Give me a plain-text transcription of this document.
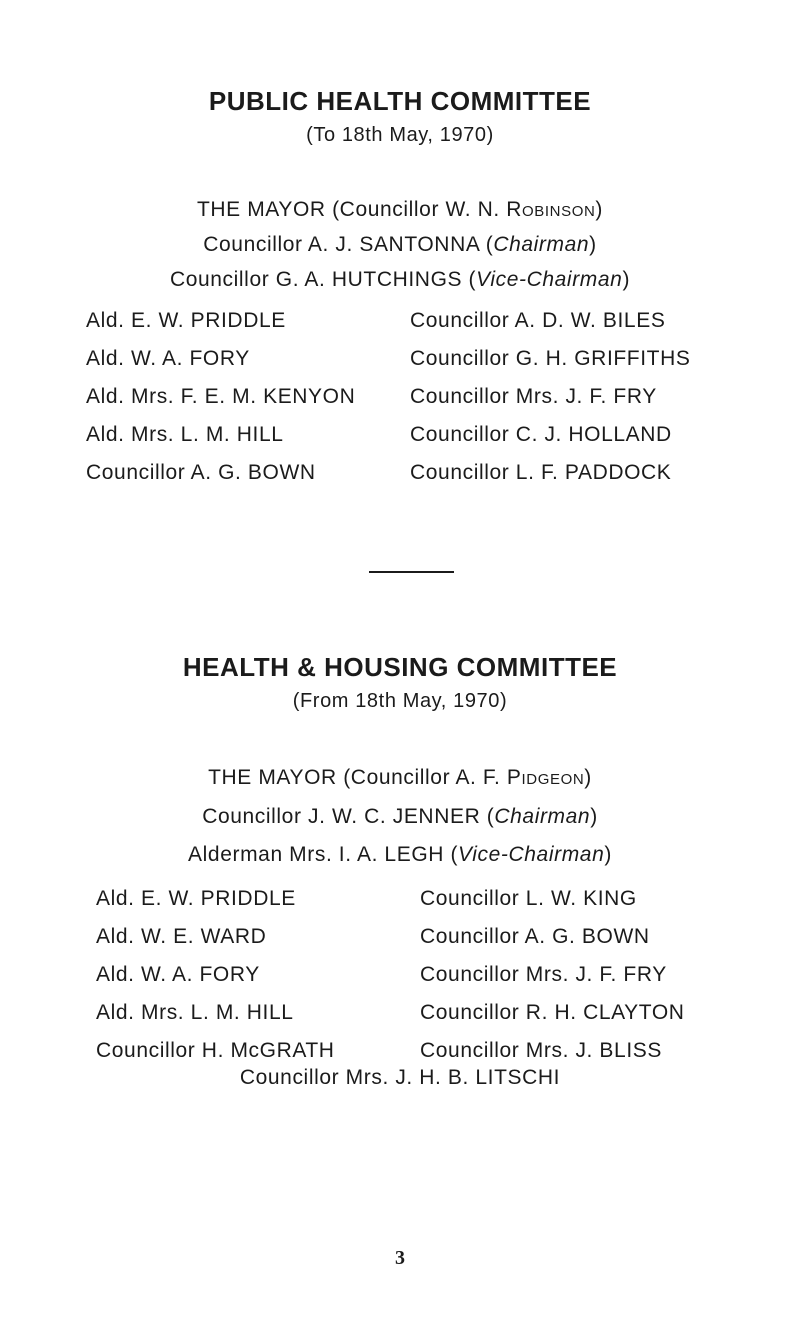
PUBLIC HEALTH COMMITTEE
(To 18th May, 1970)
THE MAYOR (Councillor W. N. Robinson)
Councillor A. J. SANTONNA (Chairman)
Councillor G. A. HUTCHINGS (Vice-Chairman)
Ald. E. W. PRIDDLE
Ald. W. A. FORY
Ald. Mrs. F. E. M. KENYON
Ald. Mrs. L. M. HILL
Councillor A. G. BOWN
Councillor A. D. W. BILES
Councillor G. H. GRIFFITHS
Councillor Mrs. J. F. FRY
Councillor C. J. HOLLAND
Councillor L. F. PADDOCK
HEALTH & HOUSING COMMITTEE
(From 18th May, 1970)
THE MAYOR (Councillor A. F. Pidgeon)
Councillor J. W. C. JENNER (Chairman)
Alderman Mrs. I. A. LEGH (Vice-Chairman)
Ald. E. W. PRIDDLE
Ald. W. E. WARD
Ald. W. A. FORY
Ald. Mrs. L. M. HILL
Councillor H. McGRATH
Councillor L. W. KING
Councillor A. G. BOWN
Councillor Mrs. J. F. FRY
Councillor R. H. CLAYTON
Councillor Mrs. J. BLISS
Councillor Mrs. J. H. B. LITSCHI
3
